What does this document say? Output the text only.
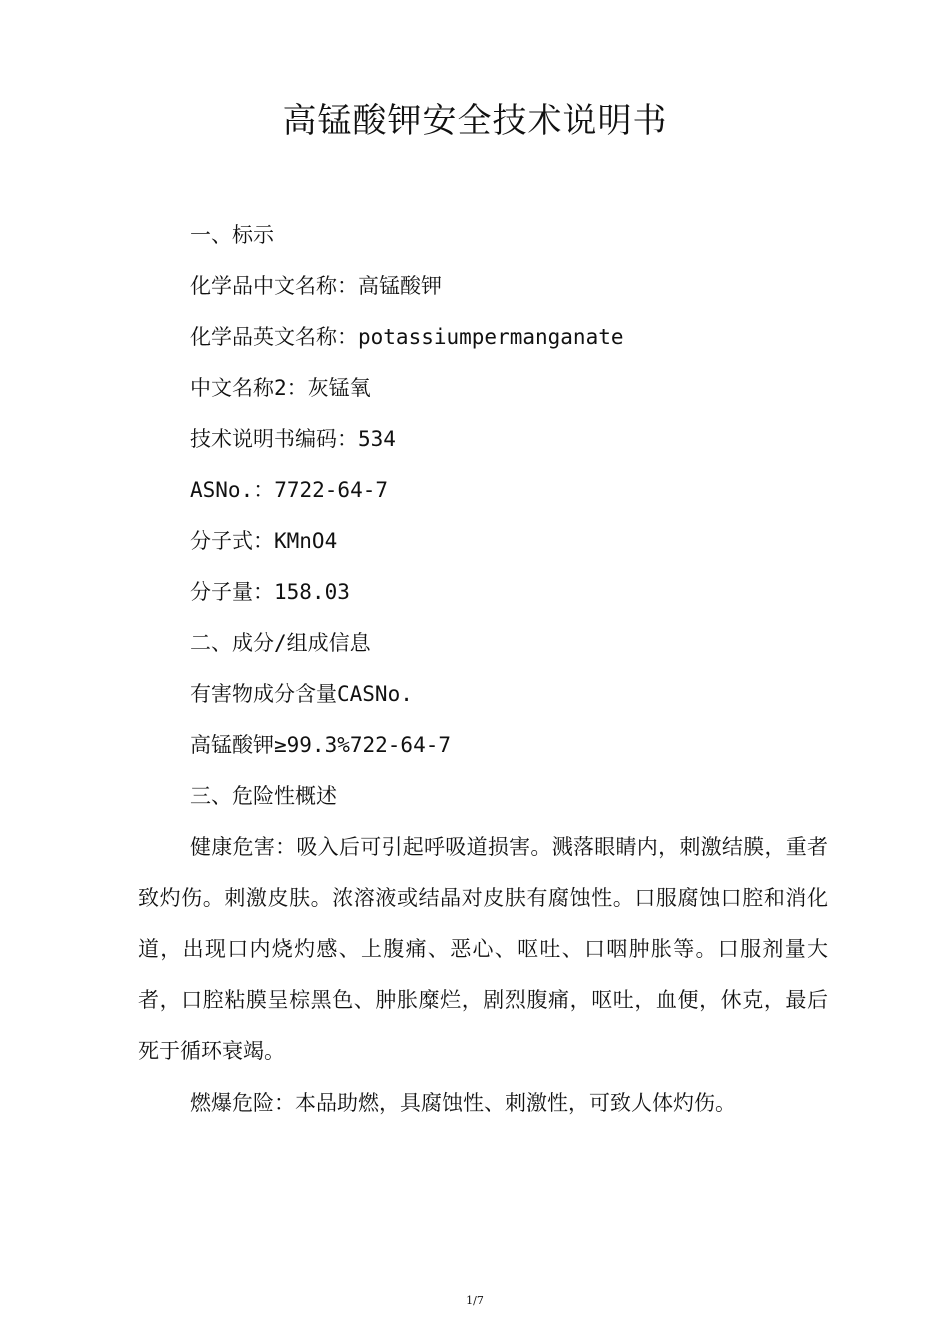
高锰酸钾安全技术说明书
一、标示
化学品中文名称：高锰酸钾
化学品英文名称：potassiumpermanganate
中文名称2：灰锰氧
技术说明书编码：534
ASNo.：7722-64-7
分子式：KMnO4
分子量：158.03
二、成分/组成信息
有害物成分含量CASNo.
高锰酸钾≥99.3%722-64-7
三、危险性概述
健康危害：吸入后可引起呼吸道损害。溅落眼睛内，刺激结膜，重者致灼伤。刺激皮肤。浓溶液或结晶对皮肤有腐蚀性。口服腐蚀口腔和消化道，出现口内烧灼感、上腹痛、恶心、呕吐、口咽肿胀等。口服剂量大者，口腔粘膜呈棕黑色、肿胀糜烂，剧烈腹痛，呕吐，血便，休克，最后死于循环衰竭。
燃爆危险：本品助燃，具腐蚀性、刺激性，可致人体灼伤。
1/7
